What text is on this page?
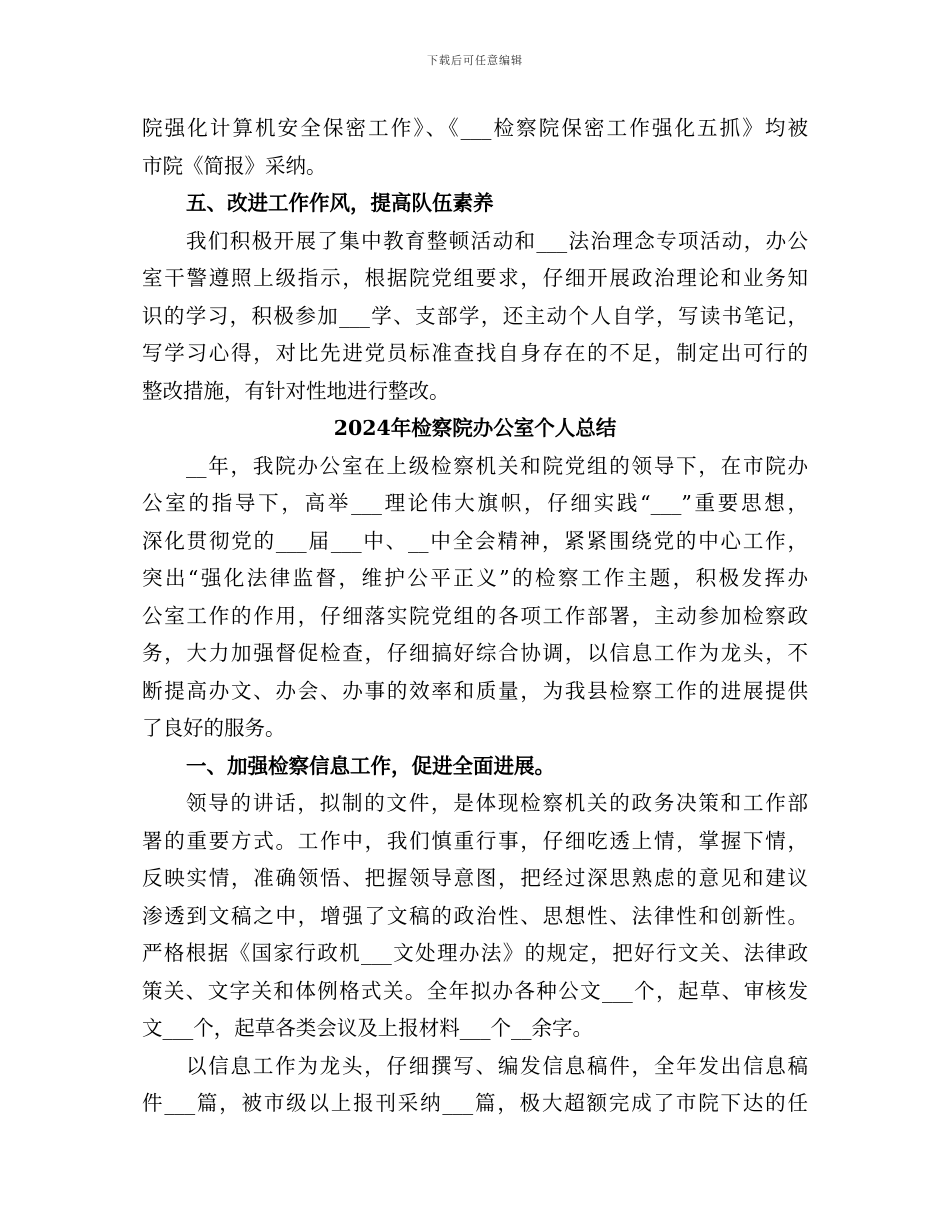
下载后可任意编辑
院强化计算机安全保密工作》、《___检察院保密工作强化五抓》均被
市院《简报》采纳。
五、改进工作作风，提高队伍素养
我们积极开展了集中教育整顿活动和___法治理念专项活动，办公
室干警遵照上级指示，根据院党组要求，仔细开展政治理论和业务知
识的学习，积极参加___学、支部学，还主动个人自学，写读书笔记，
写学习心得，对比先进党员标准查找自身存在的不足，制定出可行的
整改措施，有针对性地进行整改。
2024年检察院办公室个人总结
__年，我院办公室在上级检察机关和院党组的领导下，在市院办
公室的指导下，高举___理论伟大旗帜，仔细实践“___”重要思想，
深化贯彻党的___届___中、__中全会精神，紧紧围绕党的中心工作，
突出“强化法律监督，维护公平正义”的检察工作主题，积极发挥办
公室工作的作用，仔细落实院党组的各项工作部署，主动参加检察政
务，大力加强督促检查，仔细搞好综合协调，以信息工作为龙头，不
断提高办文、办会、办事的效率和质量，为我县检察工作的进展提供
了良好的服务。
一、加强检察信息工作，促进全面进展。
领导的讲话，拟制的文件，是体现检察机关的政务决策和工作部
署的重要方式。工作中，我们慎重行事，仔细吃透上情，掌握下情，
反映实情，准确领悟、把握领导意图，把经过深思熟虑的意见和建议
渗透到文稿之中，增强了文稿的政治性、思想性、法律性和创新性。
严格根据《国家行政机___文处理办法》的规定，把好行文关、法律政
策关、文字关和体例格式关。全年拟办各种公文___个，起草、审核发
文___个，起草各类会议及上报材料___个__余字。
以信息工作为龙头，仔细撰写、编发信息稿件，全年发出信息稿
件___篇，被市级以上报刊采纳___篇，极大超额完成了市院下达的任
